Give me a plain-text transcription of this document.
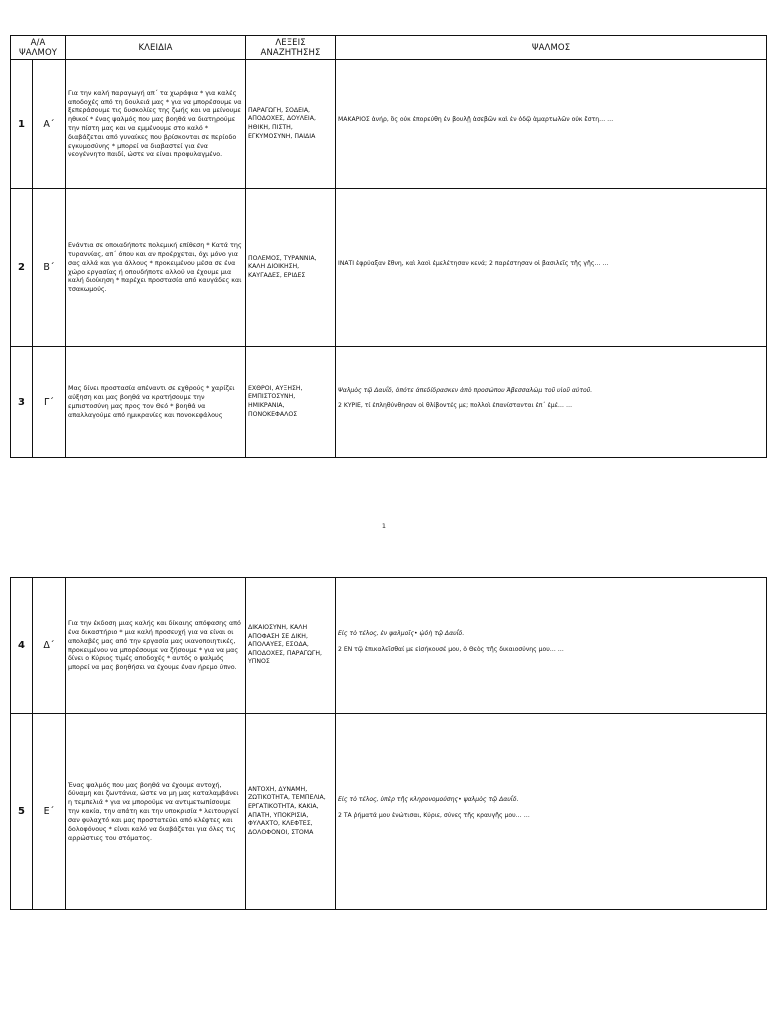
Α/Α ΨΑΛΜΟΥ		ΚΛΕΙΔΙΑ	ΛΕΞΕΙΣ ΑΝΑΖΗΤΗΣΗΣ	ΨΑΛΜΟΣ
1	Α΄	Για την καλή παραγωγή απ΄ τα χωράφια * για καλές αποδοχές από τη δουλειά μας * για να μπορέσουμε να ξεπεράσουμε τις δυσκολίες της ζωής και να μείνουμε ηθικοί * ένας ψαλμός που μας βοηθά να διατηρούμε την πίστη μας και να εμμένουμε στο καλό * διαβάζεται από γυναίκες που βρίσκονται σε περίοδο εγκυμοσύνης * μπορεί να διαβαστεί για ένα νεογέννητο παιδί, ώστε να είναι προφυλαγμένο.	ΠΑΡΑΓΩΓΗ, ΣΟΔΕΙΑ, ΑΠΟΔΟΧΕΣ, ΔΟΥΛΕΙΑ, ΗΘΙΚΗ, ΠΙΣΤΗ, ΕΓΚΥΜΟΣΥΝΗ, ΠΑΙΔΙΑ	ΜΑΚΑΡΙΟΣ ἀνήρ, ὃς οὐκ ἐπορεύθη ἐν βουλῇ ἀσεβῶν καὶ ἐν ὁδῷ ἁμαρτωλῶν οὐκ ἔστη… …

2	Β΄	Ενάντια σε οποιαδήποτε πολεμική επίθεση * Κατά της τυραννίας, απ΄ όπου και αν προέρχεται, όχι μόνο για σας αλλά και για άλλους * προκειμένου μέσα σε ένα χώρο εργασίας ή οπουδήποτε αλλού να έχουμε μια καλή διοίκηση * παρέχει προστασία από καυγάδες και τσακωμούς.	ΠΟΛΕΜΟΣ, ΤΥΡΑΝΝΙΑ, ΚΑΛΗ ΔΙΟΙΚΗΣΗ, ΚΑΥΓΑΔΕΣ, ΕΡΙΔΕΣ	ΙΝΑΤΙ ἐφρύαξαν ἔθνη, καὶ λαοὶ ἐμελέτησαν κενά; 2 παρέστησαν οἱ βασιλεῖς τῆς γῆς… …

3	Γ΄	Μας δίνει προστασία απέναντι σε εχθρούς * χαρίζει αύξηση και μας βοηθά να κρατήσουμε την εμπιστοσύνη μας προς τον Θεό * βοηθά να απαλλαγούμε από ημικρανίες και πονοκεφάλους	ΕΧΘΡΟΙ, ΑΥΞΗΣΗ, ΕΜΠΙΣΤΟΣΥΝΗ, ΗΜΙΚΡΑΝΙΑ, ΠΟΝΟΚΕΦΑΛΟΣ	Ψαλμὸς τῷ Δαυΐδ, ὁπότε ἀπεδίδρασκεν ἀπὸ προσώπου Ἀβεσσαλὼμ τοῦ υἱοῦ αὐτοῦ.

2 ΚΥΡΙΕ, τί ἐπληθύνθησαν οἱ θλίβοντές με; πολλοὶ ἐπανίστανται ἐπ΄ ἐμέ… …

1
4	Δ΄	Για την έκδοση μιας καλής και δίκαιης απόφασης από ένα δικαστήριο * μια καλή προσευχή για να είναι οι απολαβές μας από την εργασία μας ικανοποιητικές, προκειμένου να μπορέσουμε να ζήσουμε * για να μας δίνει ο Κύριος τιμές αποδοχές * αυτός ο ψαλμός μπορεί να μας βοηθήσει να έχουμε έναν ήρεμο ύπνο.	ΔΙΚΑΙΟΣΥΝΗ, ΚΑΛΗ ΑΠΟΦΑΣΗ ΣΕ ΔΙΚΗ, ΑΠΟΛΑΥΕΣ, ΕΣΟΔΑ, ΑΠΟΔΟΧΕΣ, ΠΑΡΑΓΩΓΗ, ΥΠΝΟΣ	Εἰς τὸ τέλος, ἐν ψαλμοῖς• ᾠδὴ τῷ Δαυΐδ.

2 ΕΝ τῷ ἐπικαλεῖσθαί με εἰσήκουσέ μου, ὁ Θεὸς τῆς δικαιοσύνης μου… …

5	Ε΄	Ένας ψαλμός που μας βοηθά να έχουμε αντοχή, δύναμη και ζωντάνια, ώστε να μη μας καταλαμβάνει η τεμπελιά * για να μπορούμε να αντιμετωπίσουμε την κακία, την απάτη και την υποκρισία * λειτουργεί σαν φυλαχτό και μας προστατεύει από κλέφτες και δολοφόνους * είναι καλό να διαβάζεται για όλες τις αρρώστιες του στόματος.	ΑΝΤΟΧΗ, ΔΥΝΑΜΗ, ΖΩΤΙΚΟΤΗΤΑ, ΤΕΜΠΕΛΙΑ, ΕΡΓΑΤΙΚΟΤΗΤΑ, ΚΑΚΙΑ, ΑΠΑΤΗ, ΥΠΟΚΡΙΣΙΑ, ΦΥΛΑΧΤΟ, ΚΛΕΦΤΕΣ, ΔΟΛΟΦΟΝΟΙ, ΣΤΟΜΑ	Εἰς τὸ τέλος, ὑπὲρ τῆς κληρονομούσης• ψαλμὸς τῷ Δαυΐδ.

2 ΤΑ ῥήματά μου ἐνώτισαι, Κύριε, σύνες τῆς κραυγῆς μου… …
